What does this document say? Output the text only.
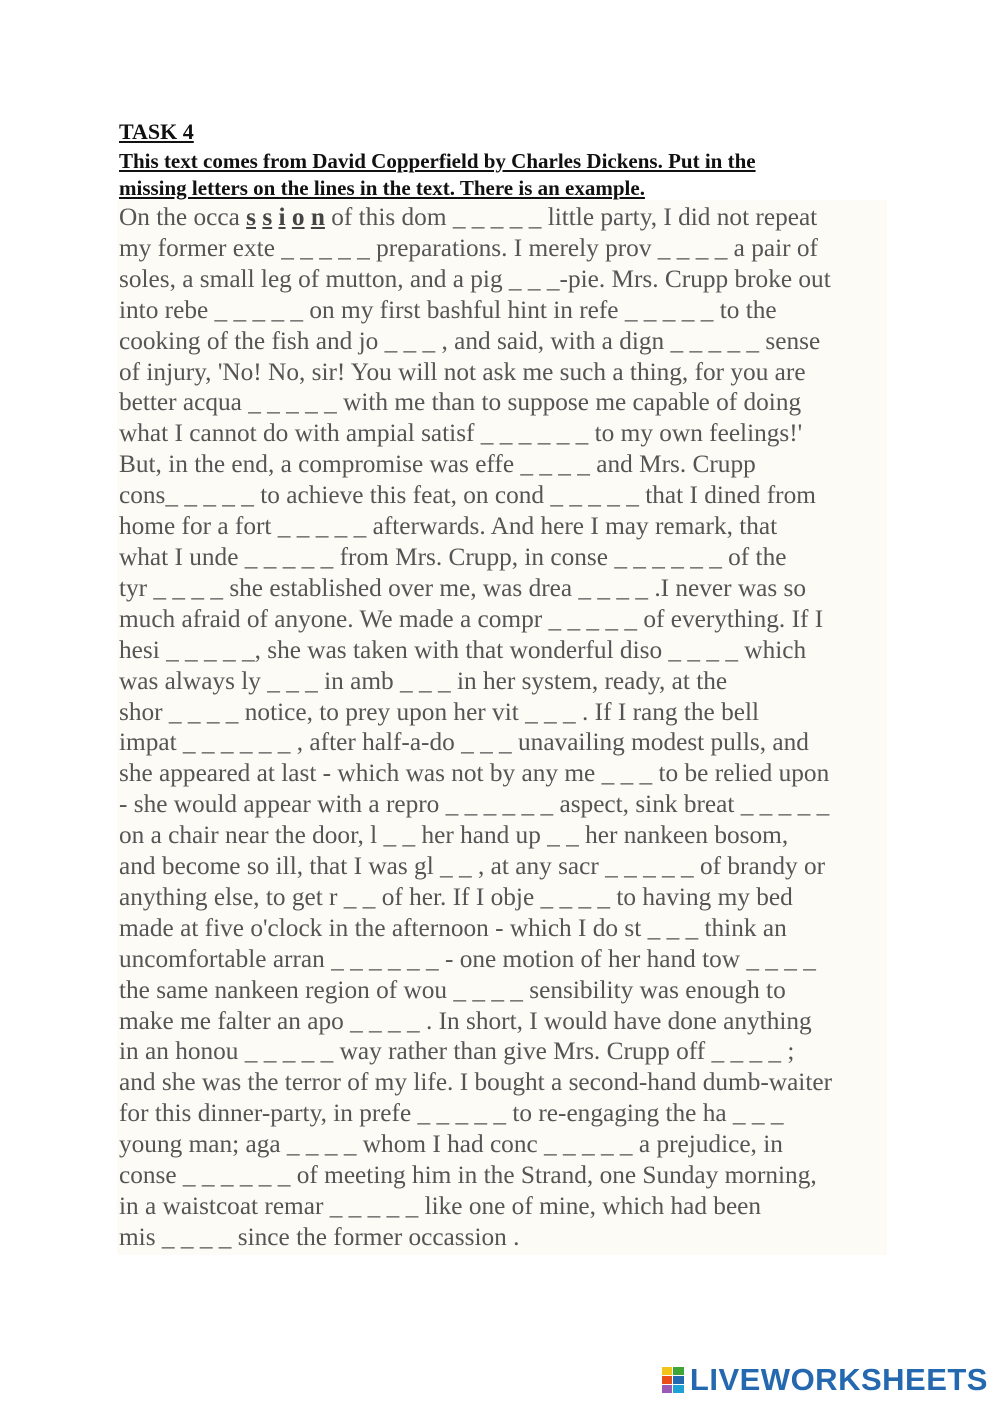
TASK 4
This text comes from David Copperfield by Charles Dickens. Put in the
missing letters on the lines in the text. There is an example.
On the occa s s i o n of this dom _ _ _ _ _ little party, I did not repeat
my former exte _ _ _ _ _ preparations. I merely prov _ _ _ _ a pair of
soles, a small leg of mutton, and a pig _ _ _-pie. Mrs. Crupp broke out
into rebe _ _ _ _ _ on my first bashful hint in refe _ _ _ _ _ to the
cooking of the fish and jo _ _ _ , and said, with a dign _ _ _ _ _ sense
of injury, 'No! No, sir! You will not ask me such a thing, for you are
better acqua _ _ _ _ _ with me than to suppose me capable of doing
what I cannot do with ampial satisf _ _ _ _ _ _ to my own feelings!'
But, in the end, a compromise was effe _ _ _ _ and Mrs. Crupp
cons_ _ _ _ _ to achieve this feat, on cond _ _ _ _ _ that I dined from
home for a fort _ _ _ _ _ afterwards. And here I may remark, that
what I unde _ _ _ _ _ from Mrs. Crupp, in conse _ _ _ _ _ _ of the
tyr _ _ _ _ she established over me, was drea _ _ _ _ .I never was so
much afraid of anyone. We made a compr _ _ _ _ _ of everything. If I
hesi _ _ _ _ _, she was taken with that wonderful diso _ _ _ _ which
was always ly _ _ _ in amb _ _ _ in her system, ready, at the
shor _ _ _ _ notice, to prey upon her vit _ _ _ . If I rang the bell
impat _ _ _ _ _ _ , after half-a-do _ _ _ unavailing modest pulls, and
she appeared at last - which was not by any me _ _ _ to be relied upon
- she would appear with a repro _ _ _ _ _ _ aspect, sink breat _ _ _ _ _
on a chair near the door, l _ _ her hand up _ _ her nankeen bosom,
and become so ill, that I was gl _ _ , at any sacr _ _ _ _ _ of brandy or
anything else, to get r _ _ of her. If I obje _ _ _ _ to having my bed
made at five o'clock in the afternoon - which I do st _ _ _ think an
uncomfortable arran _ _ _ _ _ _ - one motion of her hand tow _ _ _ _
the same nankeen region of wou _ _ _ _ sensibility was enough to
make me falter an apo _ _ _ _ . In short, I would have done anything
in an honou _ _ _ _ _ way rather than give Mrs. Crupp off _ _ _ _ ;
and she was the terror of my life. I bought a second-hand dumb-waiter
for this dinner-party, in prefe _ _ _ _ _ to re-engaging the ha _ _ _
young man; aga _ _ _ _ whom I had conc _ _ _ _ _ a prejudice, in
conse _ _ _ _ _ _ of meeting him in the Strand, one Sunday morning,
in a waistcoat remar _ _ _ _ _ like one of mine, which had been
mis _ _ _ _ since the former occassion .
LIVEWORKSHEETS
